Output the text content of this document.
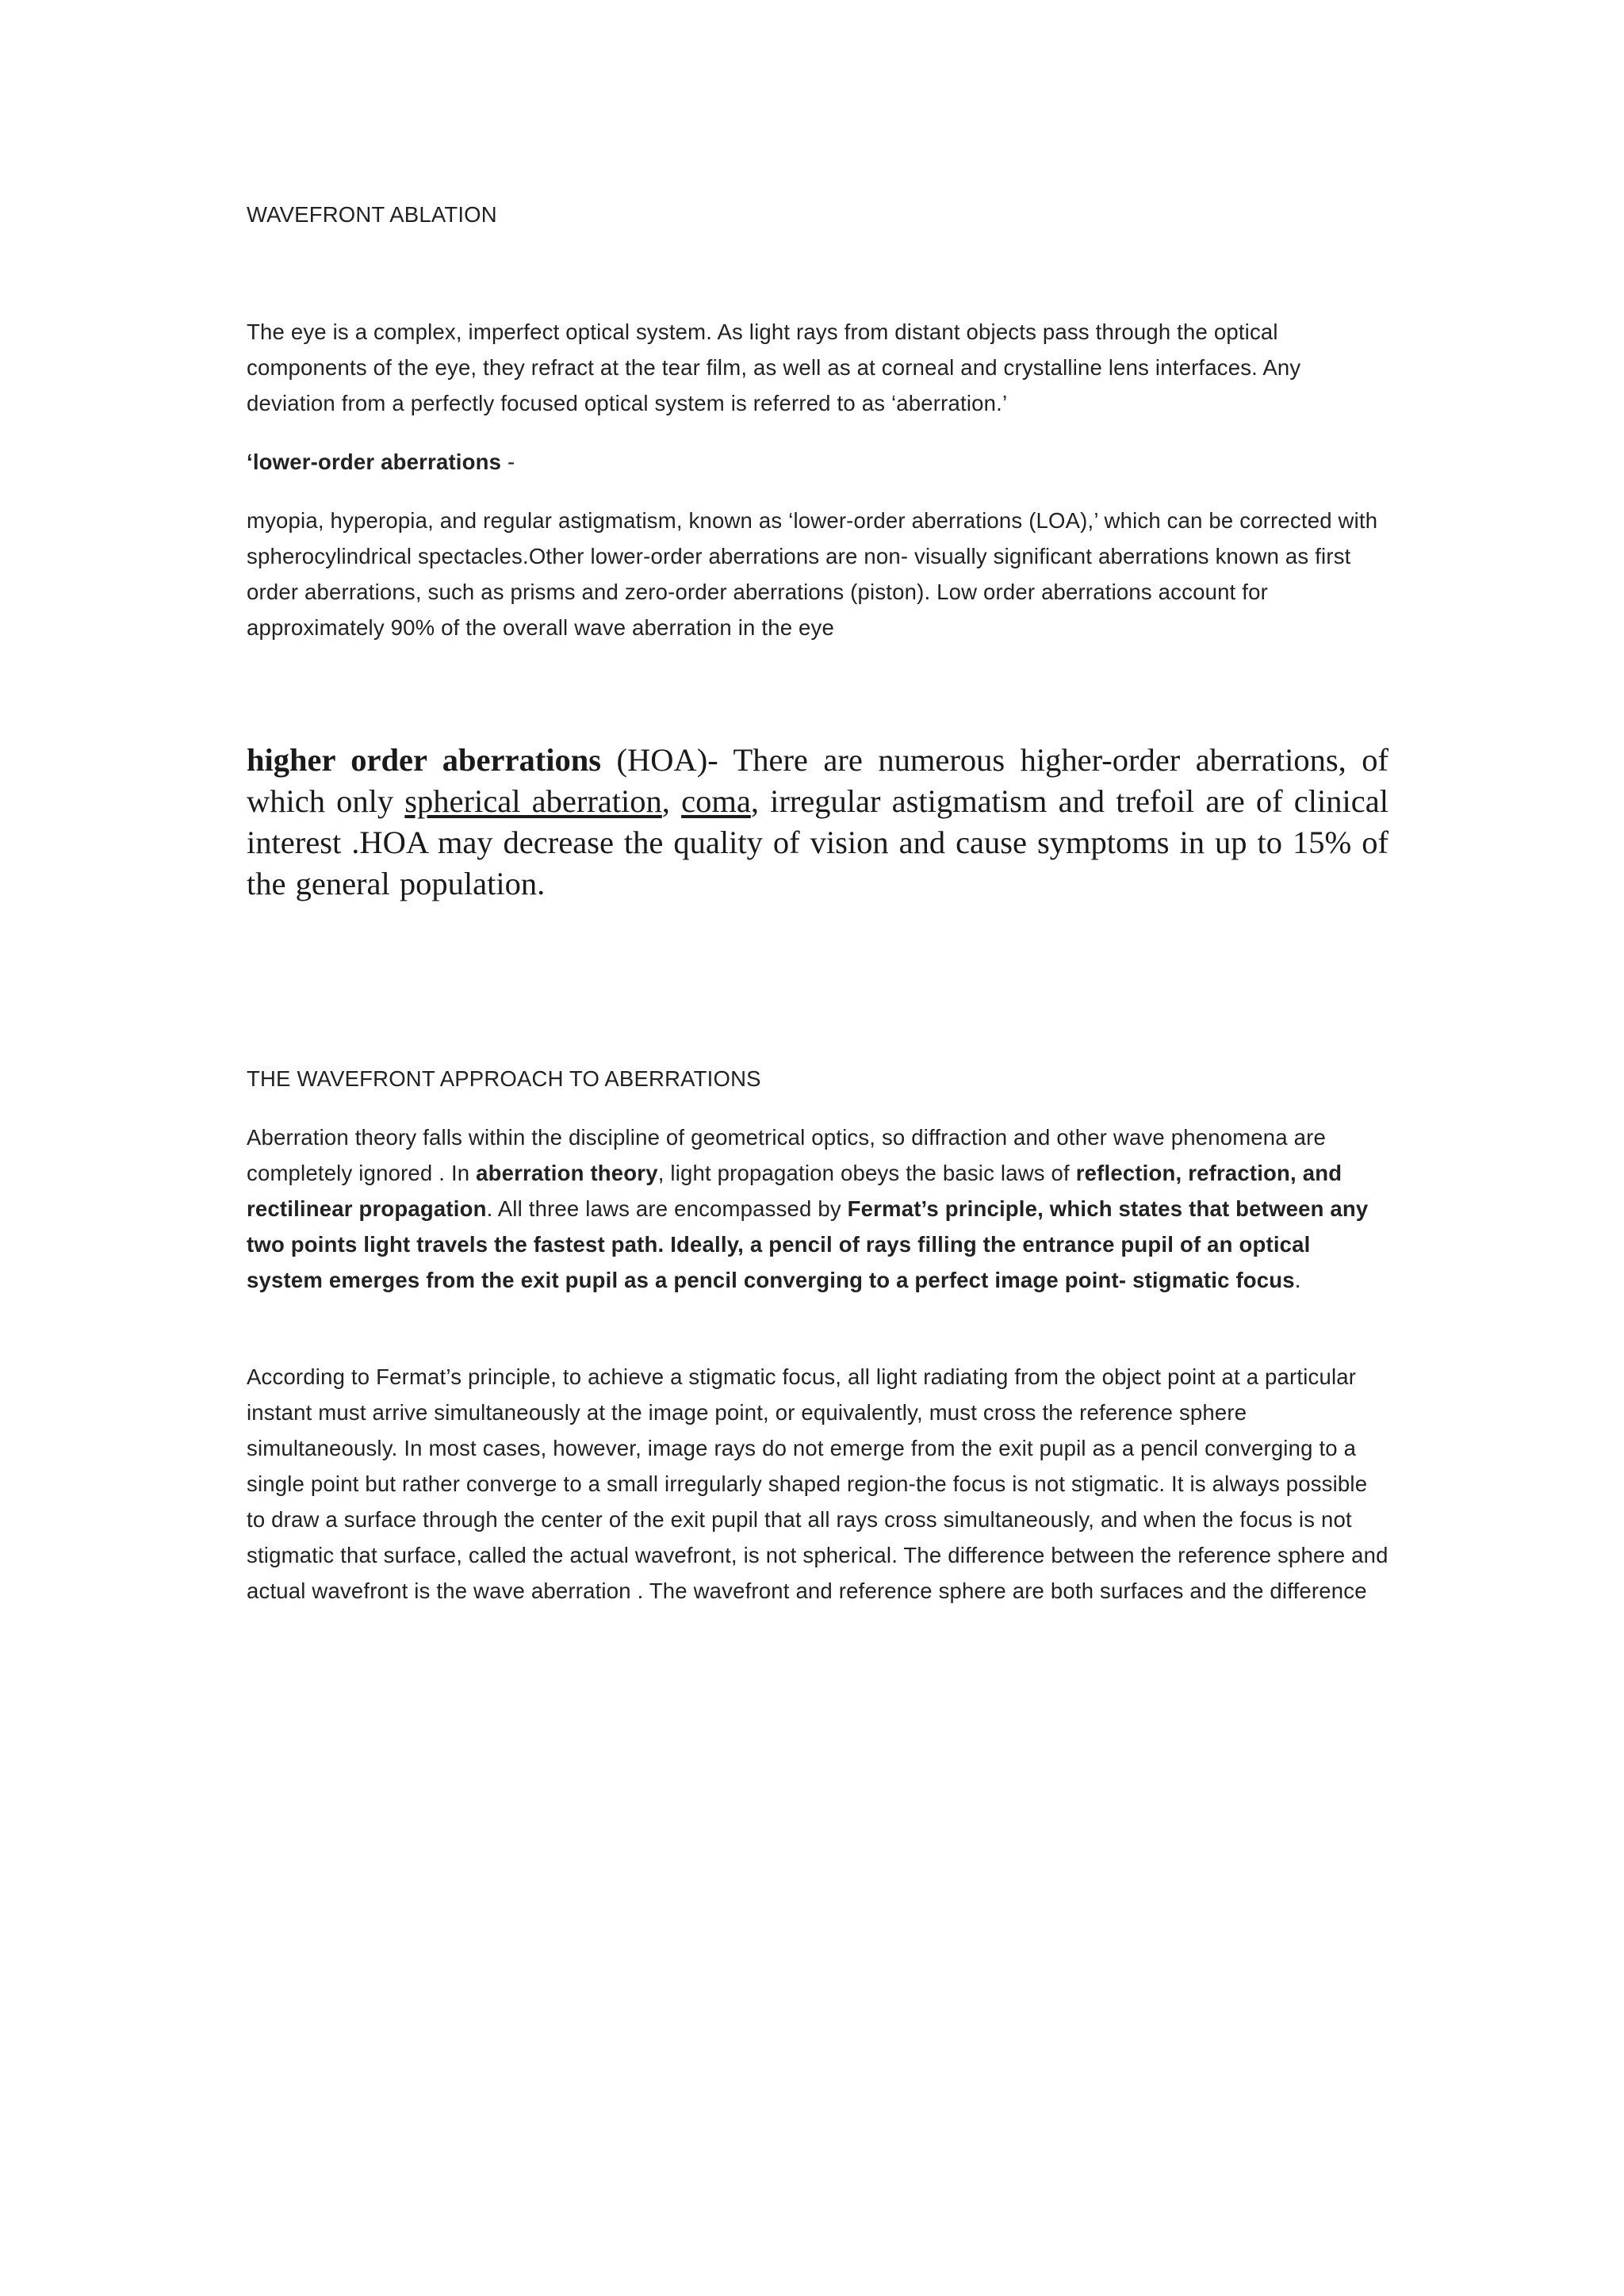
WAVEFRONT ABLATION

The eye is a complex, imperfect optical system. As light rays from distant objects pass through the optical components of the eye, they refract at the tear film, as well as at corneal and crystalline lens interfaces. Any deviation from a perfectly focused optical system is referred to as ‘aberration.’

‘lower-order aberrations -

myopia, hyperopia, and regular astigmatism, known as ‘lower-order aberrations (LOA),’ which can be corrected with spherocylindrical spectacles.Other lower-order aberrations are non- visually significant aberrations known as first order aberrations, such as prisms and zero-order aberrations (piston). Low order aberrations account for approximately 90% of the overall wave aberration in the eye

higher order aberrations (HOA)- There are numerous higher-order aberrations, of which only spherical aberration, coma, irregular astigmatism and trefoil are of clinical interest .HOA may decrease the quality of vision and cause symptoms in up to 15% of the general population.

THE WAVEFRONT APPROACH TO ABERRATIONS

Aberration theory falls within the discipline of geometrical optics, so diffraction and other wave phenomena are completely ignored . In aberration theory, light propagation obeys the basic laws of reflection, refraction, and rectilinear propagation. All three laws are encompassed by Fermat’s principle, which states that between any two points light travels the fastest path. Ideally, a pencil of rays filling the entrance pupil of an optical system emerges from the exit pupil as a pencil converging to a perfect image point- stigmatic focus.

According to Fermat’s principle, to achieve a stigmatic focus, all light radiating from the object point at a particular instant must arrive simultaneously at the image point, or equivalently, must cross the reference sphere simultaneously. In most cases, however, image rays do not emerge from the exit pupil as a pencil converging to a single point but rather converge to a small irregularly shaped region-the focus is not stigmatic. It is always possible to draw a surface through the center of the exit pupil that all rays cross simultaneously, and when the focus is not stigmatic that surface, called the actual wavefront, is not spherical. The difference between the reference sphere and actual wavefront is the wave aberration . The wavefront and reference sphere are both surfaces and the difference
